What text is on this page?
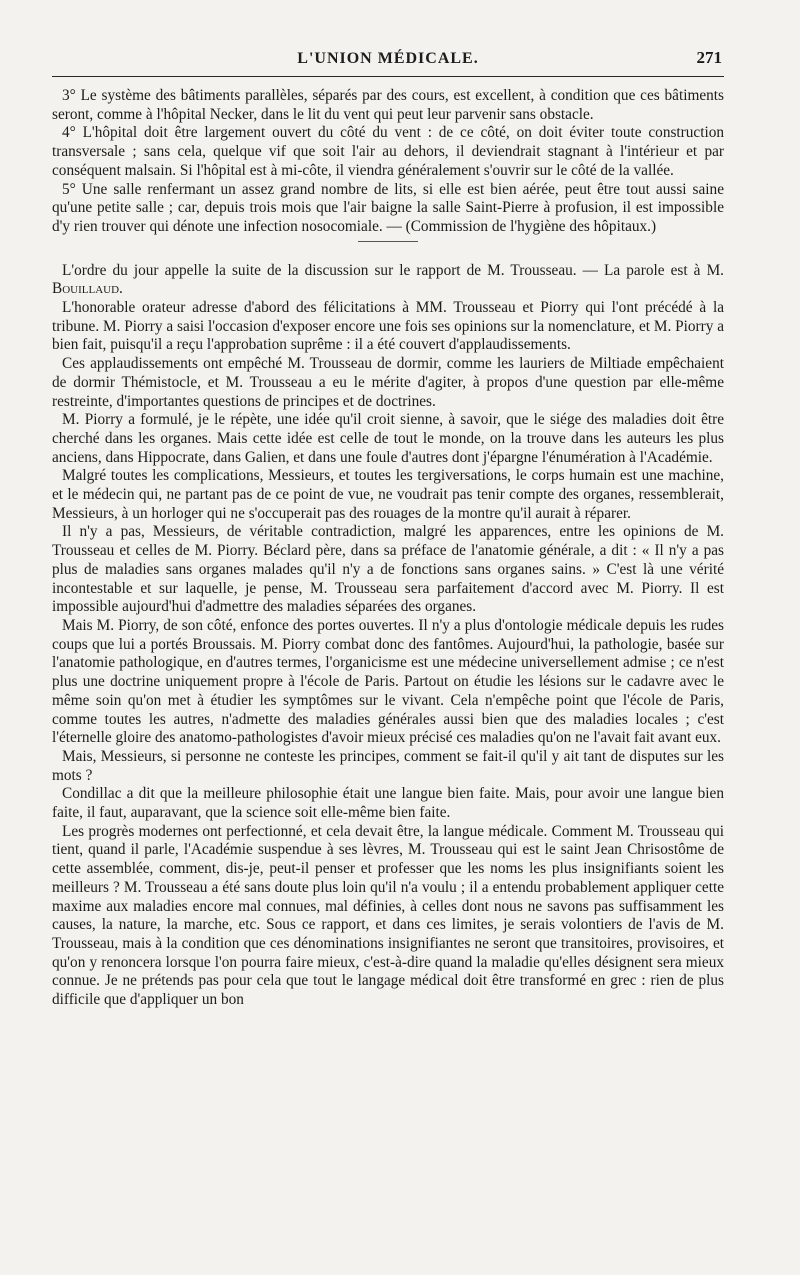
L'UNION MÉDICALE.	271

3° Le système des bâtiments parallèles, séparés par des cours, est excellent, à condition que ces bâtiments seront, comme à l'hôpital Necker, dans le lit du vent qui peut leur parvenir sans obstacle.

4° L'hôpital doit être largement ouvert du côté du vent : de ce côté, on doit éviter toute construction transversale ; sans cela, quelque vif que soit l'air au dehors, il deviendrait stagnant à l'intérieur et par conséquent malsain. Si l'hôpital est à mi-côte, il viendra généralement s'ouvrir sur le côté de la vallée.

5° Une salle renfermant un assez grand nombre de lits, si elle est bien aérée, peut être tout aussi saine qu'une petite salle ; car, depuis trois mois que l'air baigne la salle Saint-Pierre à profusion, il est impossible d'y rien trouver qui dénote une infection nosocomiale. — (Commission de l'hygiène des hôpitaux.)

L'ordre du jour appelle la suite de la discussion sur le rapport de M. Trousseau. — La parole est à M. Bouillaud.

L'honorable orateur adresse d'abord des félicitations à MM. Trousseau et Piorry qui l'ont précédé à la tribune. M. Piorry a saisi l'occasion d'exposer encore une fois ses opinions sur la nomenclature, et M. Piorry a bien fait, puisqu'il a reçu l'approbation suprême : il a été couvert d'applaudissements.

Ces applaudissements ont empêché M. Trousseau de dormir, comme les lauriers de Miltiade empêchaient de dormir Thémistocle, et M. Trousseau a eu le mérite d'agiter, à propos d'une question par elle-même restreinte, d'importantes questions de principes et de doctrines.

M. Piorry a formulé, je le répète, une idée qu'il croit sienne, à savoir, que le siége des maladies doit être cherché dans les organes. Mais cette idée est celle de tout le monde, on la trouve dans les auteurs les plus anciens, dans Hippocrate, dans Galien, et dans une foule d'autres dont j'épargne l'énumération à l'Académie.

Malgré toutes les complications, Messieurs, et toutes les tergiversations, le corps humain est une machine, et le médecin qui, ne partant pas de ce point de vue, ne voudrait pas tenir compte des organes, ressemblerait, Messieurs, à un horloger qui ne s'occuperait pas des rouages de la montre qu'il aurait à réparer.

Il n'y a pas, Messieurs, de véritable contradiction, malgré les apparences, entre les opinions de M. Trousseau et celles de M. Piorry. Béclard père, dans sa préface de l'anatomie générale, a dit : « Il n'y a pas plus de maladies sans organes malades qu'il n'y a de fonctions sans organes sains. » C'est là une vérité incontestable et sur laquelle, je pense, M. Trousseau sera parfaitement d'accord avec M. Piorry. Il est impossible aujourd'hui d'admettre des maladies séparées des organes.

Mais M. Piorry, de son côté, enfonce des portes ouvertes. Il n'y a plus d'ontologie médicale depuis les rudes coups que lui a portés Broussais. M. Piorry combat donc des fantômes. Aujourd'hui, la pathologie, basée sur l'anatomie pathologique, en d'autres termes, l'organicisme est une médecine universellement admise ; ce n'est plus une doctrine uniquement propre à l'école de Paris. Partout on étudie les lésions sur le cadavre avec le même soin qu'on met à étudier les symptômes sur le vivant. Cela n'empêche point que l'école de Paris, comme toutes les autres, n'admette des maladies générales aussi bien que des maladies locales ; c'est l'éternelle gloire des anatomo-pathologistes d'avoir mieux précisé ces maladies qu'on ne l'avait fait avant eux.

Mais, Messieurs, si personne ne conteste les principes, comment se fait-il qu'il y ait tant de disputes sur les mots ?

Condillac a dit que la meilleure philosophie était une langue bien faite. Mais, pour avoir une langue bien faite, il faut, auparavant, que la science soit elle-même bien faite.

Les progrès modernes ont perfectionné, et cela devait être, la langue médicale. Comment M. Trousseau qui tient, quand il parle, l'Académie suspendue à ses lèvres, M. Trousseau qui est le saint Jean Chrisostôme de cette assemblée, comment, dis-je, peut-il penser et professer que les noms les plus insignifiants soient les meilleurs ? M. Trousseau a été sans doute plus loin qu'il n'a voulu ; il a entendu probablement appliquer cette maxime aux maladies encore mal connues, mal définies, à celles dont nous ne savons pas suffisamment les causes, la nature, la marche, etc. Sous ce rapport, et dans ces limites, je serais volontiers de l'avis de M. Trousseau, mais à la condition que ces dénominations insignifiantes ne seront que transitoires, provisoires, et qu'on y renoncera lorsque l'on pourra faire mieux, c'est-à-dire quand la maladie qu'elles désignent sera mieux connue. Je ne prétends pas pour cela que tout le langage médical doit être transformé en grec : rien de plus difficile que d'appliquer un bon
